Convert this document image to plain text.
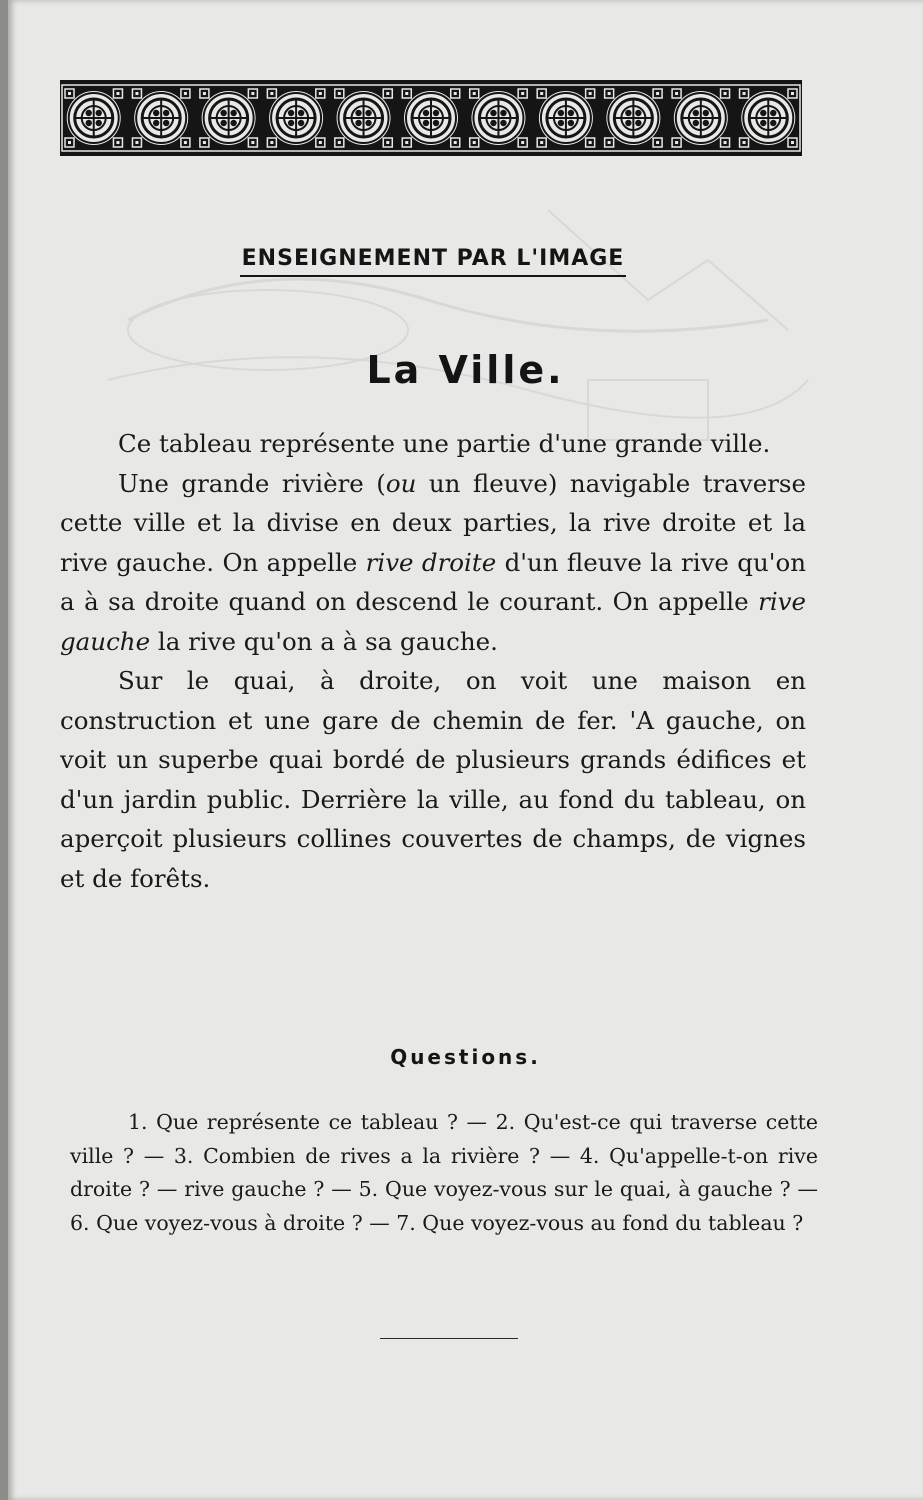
ENSEIGNEMENT PAR L'IMAGE
La Ville.

Ce tableau représente une partie d'une grande ville.

Une grande rivière (ou un fleuve) navigable traverse cette ville et la divise en deux parties, la rive droite et la rive gauche. On appelle rive droite d'un fleuve la rive qu'on a à sa droite quand on descend le courant. On appelle rive gauche la rive qu'on a à sa gauche.

Sur le quai, à droite, on voit une maison en construction et une gare de chemin de fer. 'A gauche, on voit un superbe quai bordé de plusieurs grands édifices et d'un jardin public. Derrière la ville, au fond du tableau, on aperçoit plusieurs collines couvertes de champs, de vignes et de forêts.

Questions.

1. Que représente ce tableau ? — 2. Qu'est-ce qui traverse cette ville ? — 3. Combien de rives a la rivière ? — 4. Qu'appelle-t-on rive droite ? — rive gauche ? — 5. Que voyez-vous sur le quai, à gauche ? — 6. Que voyez-vous à droite ? — 7. Que voyez-vous au fond du tableau ?
